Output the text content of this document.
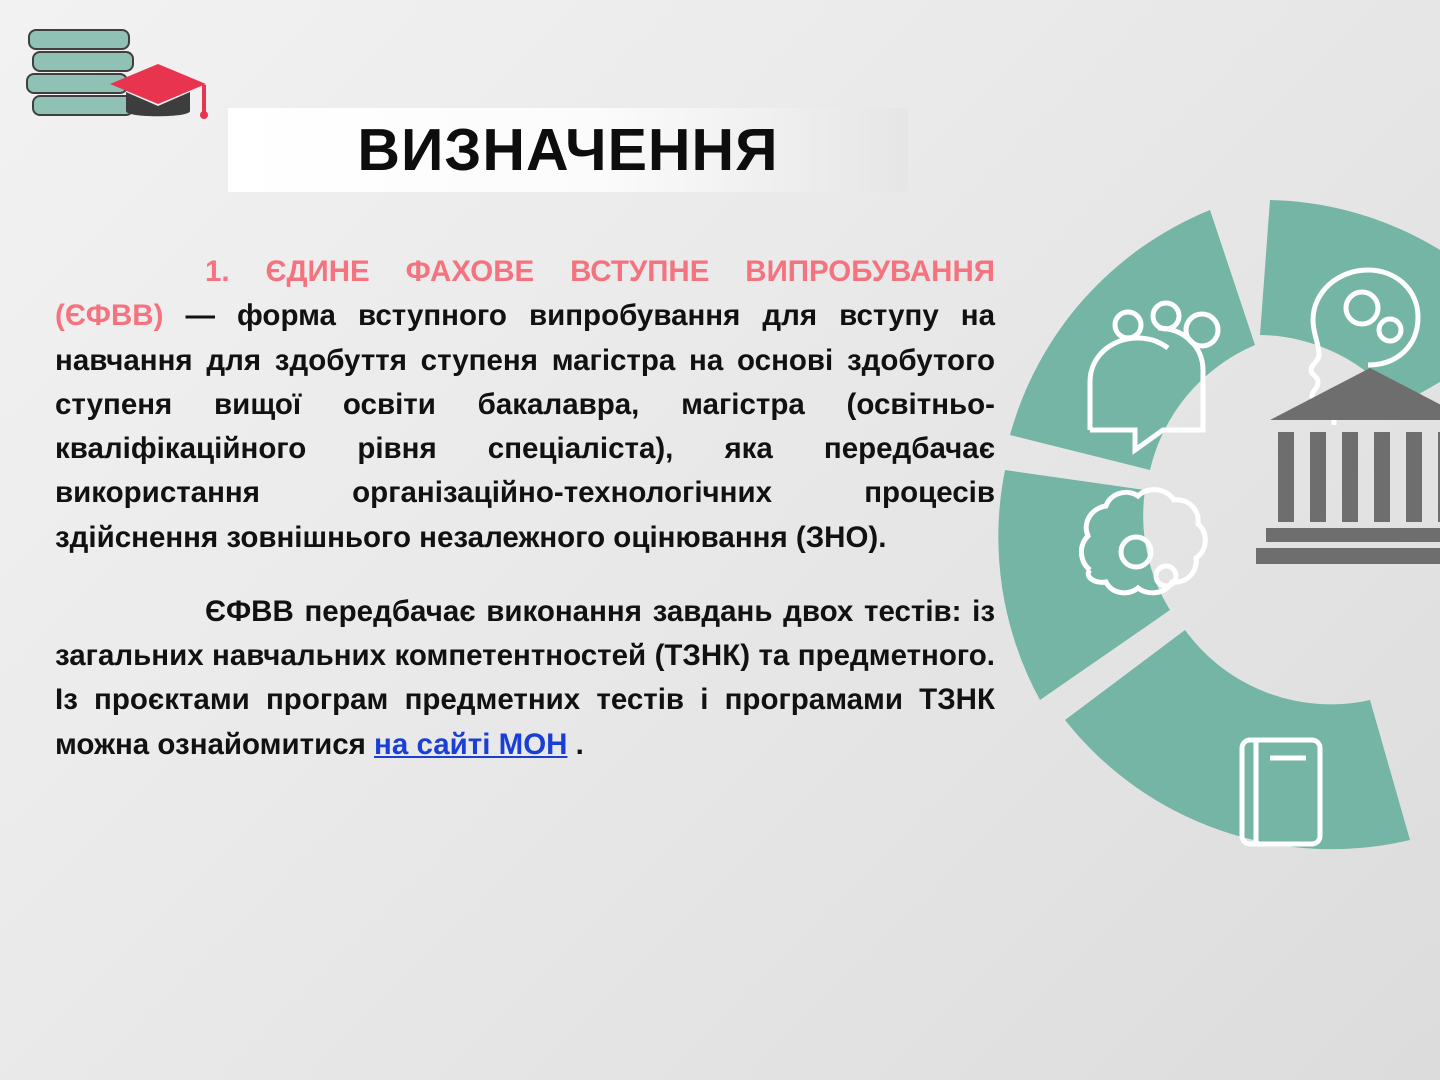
ВИЗНАЧЕННЯ

1. ЄДИНЕ ФАХОВЕ ВСТУПНЕ ВИПРОБУВАННЯ (ЄФВВ) — форма вступного випробування для вступу на навчання для здобуття ступеня магістра на основі здобутого ступеня вищої освіти бакалавра, магістра (освітньо-кваліфікаційного рівня спеціаліста), яка передбачає використання організаційно-технологічних процесів здійснення зовнішнього незалежного оцінювання (ЗНО).

ЄФВВ передбачає виконання завдань двох тестів: із загальних навчальних компетентностей (ТЗНК) та предметного. Із проєктами програм предметних тестів і програмами ТЗНК можна ознайомитися на сайті МОН .
